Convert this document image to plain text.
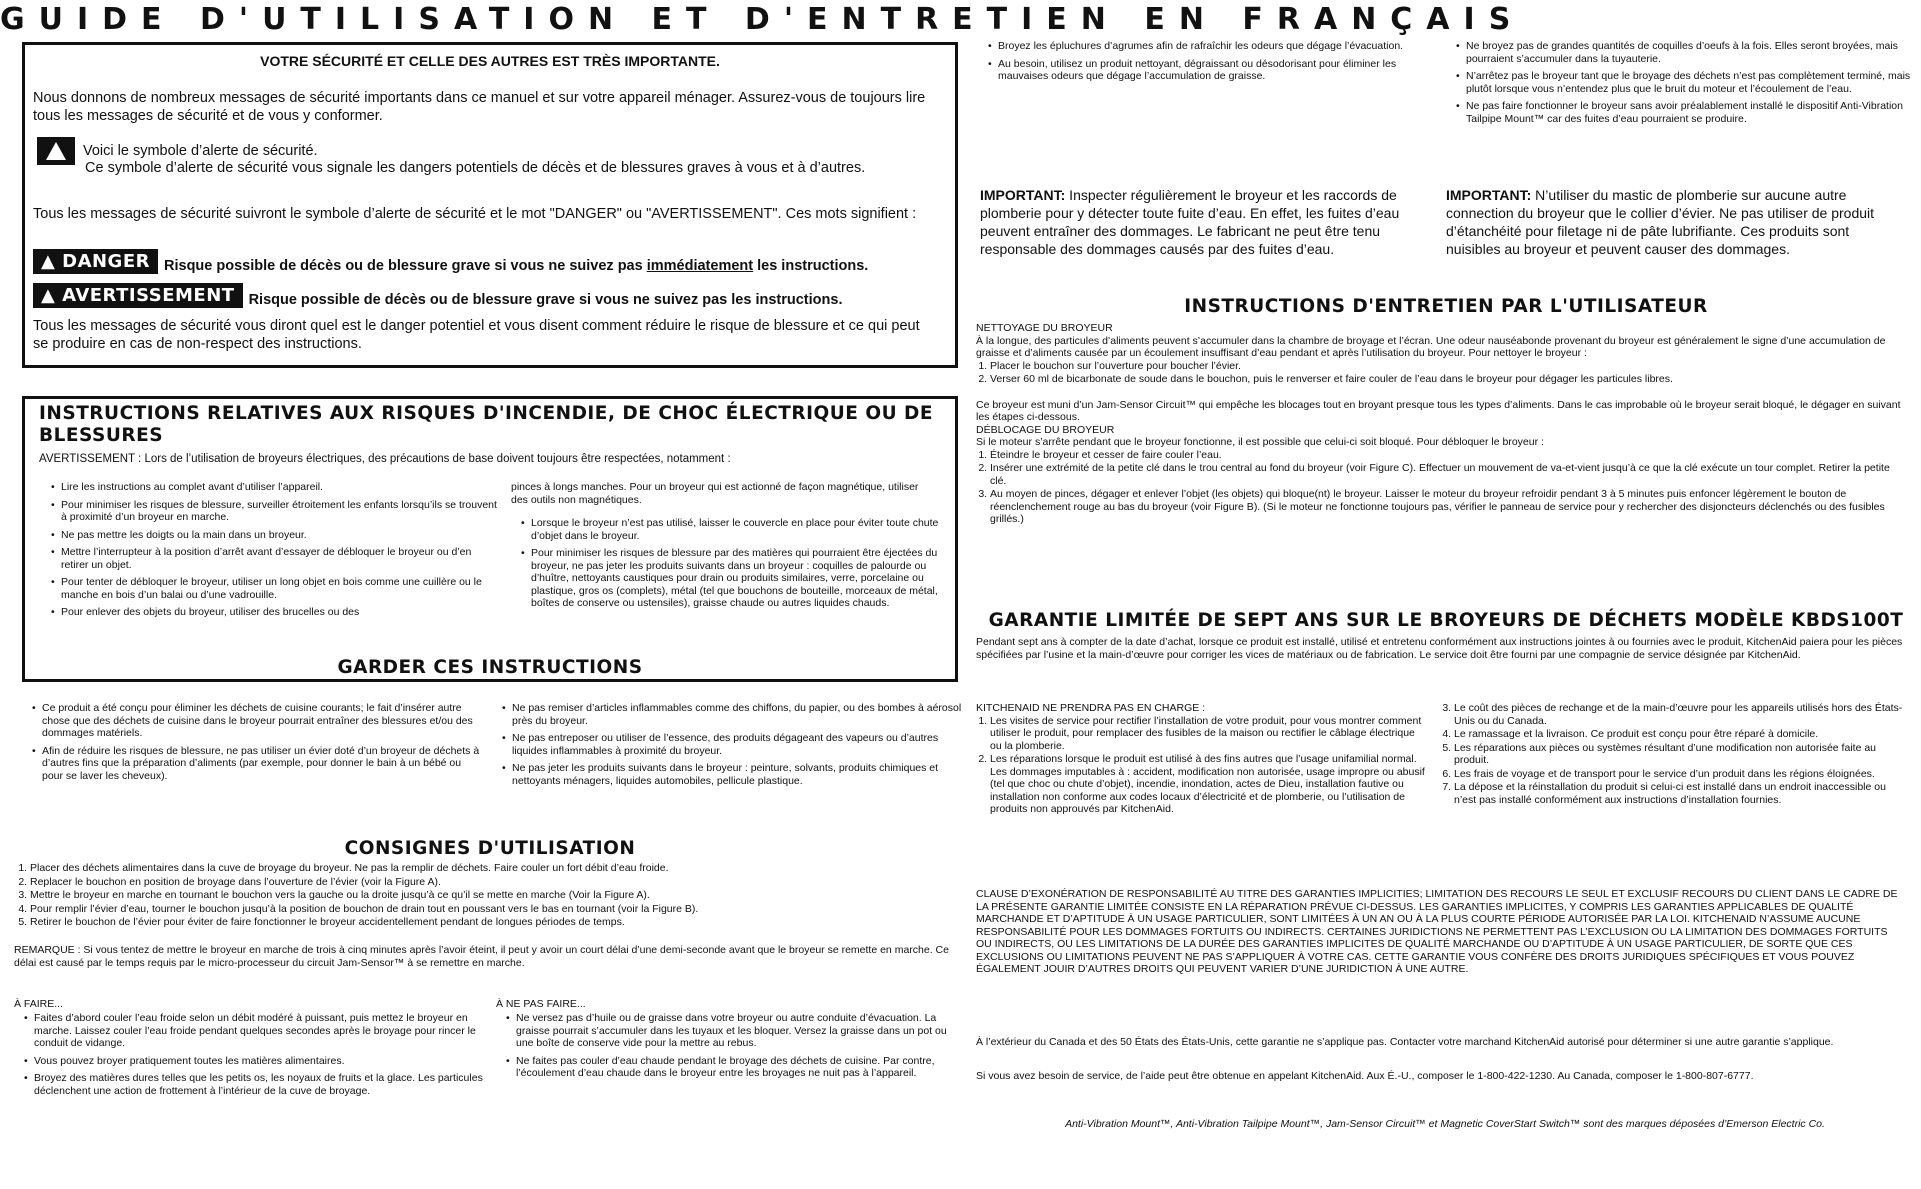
GUIDE D'UTILISATION ET D'ENTRETIEN EN FRANÇAIS
VOTRE SÉCURITÉ ET CELLE DES AUTRES EST TRÈS IMPORTANTE.
Nous donnons de nombreux messages de sécurité importants dans ce manuel et sur votre appareil ménager. Assurez-vous de toujours lire tous les messages de sécurité et de vous y conformer.
Voici le symbole d’alerte de sécurité.
Ce symbole d’alerte de sécurité vous signale les dangers potentiels de décès et de blessures graves à vous et à d’autres.
Tous les messages de sécurité suivront le symbole d’alerte de sécurité et le mot "DANGER" ou "AVERTISSEMENT". Ces mots signifient :
▲ DANGER Risque possible de décès ou de blessure grave si vous ne suivez pas immédiatement les instructions.
▲ AVERTISSEMENT Risque possible de décès ou de blessure grave si vous ne suivez pas les instructions.
Tous les messages de sécurité vous diront quel est le danger potentiel et vous disent comment réduire le risque de blessure et ce qui peut se produire en cas de non-respect des instructions.
INSTRUCTIONS RELATIVES AUX RISQUES D'INCENDIE, DE CHOC ÉLECTRIQUE OU DE BLESSURES
AVERTISSEMENT : Lors de l’utilisation de broyeurs électriques, des précautions de base doivent toujours être respectées, notamment :
• Lire les instructions au complet avant d’utiliser l’appareil.
• Pour minimiser les risques de blessure, surveiller étroitement les enfants lorsqu’ils se trouvent à proximité d’un broyeur en marche.
• Ne pas mettre les doigts ou la main dans un broyeur.
• Mettre l’interrupteur à la position d’arrêt avant d’essayer de débloquer le broyeur ou d’en retirer un objet.
• Pour tenter de débloquer le broyeur, utiliser un long objet en bois comme une cuillère ou le manche en bois d’un balai ou d’une vadrouille.
• Pour enlever des objets du broyeur, utiliser des brucelles ou des
pinces à longs manches. Pour un broyeur qui est actionné de façon magnétique, utiliser des outils non magnétiques.
• Lorsque le broyeur n’est pas utilisé, laisser le couvercle en place pour éviter toute chute d’objet dans le broyeur.
• Pour minimiser les risques de blessure par des matières qui pourraient être éjectées du broyeur, ne pas jeter les produits suivants dans un broyeur : coquilles de palourde ou d’huître, nettoyants caustiques pour drain ou produits similaires, verre, porcelaine ou plastique, gros os (complets), métal (tel que bouchons de bouteille, morceaux de métal, boîtes de conserve ou ustensiles), graisse chaude ou autres liquides chauds.
GARDER CES INSTRUCTIONS
• Ce produit a été conçu pour éliminer les déchets de cuisine courants; le fait d’insérer autre chose que des déchets de cuisine dans le broyeur pourrait entraîner des blessures et/ou des dommages matériels.
• Afin de réduire les risques de blessure, ne pas utiliser un évier doté d’un broyeur de déchets à d’autres fins que la préparation d’aliments (par exemple, pour donner le bain à un bébé ou pour se laver les cheveux).
• Ne pas remiser d’articles inflammables comme des chiffons, du papier, ou des bombes à aérosol près du broyeur.
• Ne pas entreposer ou utiliser de l’essence, des produits dégageant des vapeurs ou d’autres liquides inflammables à proximité du broyeur.
• Ne pas jeter les produits suivants dans le broyeur : peinture, solvants, produits chimiques et nettoyants ménagers, liquides automobiles, pellicule plastique.
CONSIGNES D'UTILISATION
1. Placer des déchets alimentaires dans la cuve de broyage du broyeur. Ne pas la remplir de déchets. Faire couler un fort débit d’eau froide.
2. Replacer le bouchon en position de broyage dans l’ouverture de l’évier (voir la Figure A).
3. Mettre le broyeur en marche en tournant le bouchon vers la gauche ou la droite jusqu’à ce qu’il se mette en marche (Voir la Figure A).
4. Pour remplir l’évier d’eau, tourner le bouchon jusqu’à la position de bouchon de drain tout en poussant vers le bas en tournant (voir la Figure B).
5. Retirer le bouchon de l’évier pour éviter de faire fonctionner le broyeur accidentellement pendant de longues périodes de temps.
REMARQUE : Si vous tentez de mettre le broyeur en marche de trois à cinq minutes après l’avoir éteint, il peut y avoir un court délai d’une demi-seconde avant que le broyeur se remette en marche. Ce délai est causé par le temps requis par le micro-processeur du circuit Jam-Sensor™ à se remettre en marche.
À FAIRE...
• Faites d’abord couler l’eau froide selon un débit modéré à puissant, puis mettez le broyeur en marche. Laissez couler l’eau froide pendant quelques secondes après le broyage pour rincer le conduit de vidange.
• Vous pouvez broyer pratiquement toutes les matières alimentaires.
• Broyez des matières dures telles que les petits os, les noyaux de fruits et la glace. Les particules déclenchent une action de frottement à l’intérieur de la cuve de broyage.
À NE PAS FAIRE...
• Ne versez pas d’huile ou de graisse dans votre broyeur ou autre conduite d’évacuation. La graisse pourrait s’accumuler dans les tuyaux et les bloquer. Versez la graisse dans un pot ou une boîte de conserve vide pour la mettre au rebus.
• Ne faites pas couler d’eau chaude pendant le broyage des déchets de cuisine. Par contre, l’écoulement d’eau chaude dans le broyeur entre les broyages ne nuit pas à l’appareil.
• Broyez les épluchures d’agrumes afin de rafraîchir les odeurs que dégage l’évacuation.
• Au besoin, utilisez un produit nettoyant, dégraissant ou désodorisant pour éliminer les mauvaises odeurs que dégage l’accumulation de graisse.
• Ne broyez pas de grandes quantités de coquilles d’oeufs à la fois. Elles seront broyées, mais pourraient s’accumuler dans la tuyauterie.
• N’arrêtez pas le broyeur tant que le broyage des déchets n’est pas complètement terminé, mais plutôt lorsque vous n’entendez plus que le bruit du moteur et l’écoulement de l’eau.
• Ne pas faire fonctionner le broyeur sans avoir préalablement installé le dispositif Anti-Vibration Tailpipe Mount™ car des fuites d’eau pourraient se produire.
IMPORTANT: Inspecter régulièrement le broyeur et les raccords de plomberie pour y détecter toute fuite d’eau. En effet, les fuites d’eau peuvent entraîner des dommages. Le fabricant ne peut être tenu responsable des dommages causés par des fuites d’eau.
IMPORTANT: N’utiliser du mastic de plomberie sur aucune autre connection du broyeur que le collier d’évier. Ne pas utiliser de produit d’étanchéité pour filetage ni de pâte lubrifiante. Ces produits sont nuisibles au broyeur et peuvent causer des dommages.
INSTRUCTIONS D'ENTRETIEN PAR L'UTILISATEUR
NETTOYAGE DU BROYEUR
À la longue, des particules d’aliments peuvent s’accumuler dans la chambre de broyage et l’écran. Une odeur nauséabonde provenant du broyeur est généralement le signe d’une accumulation de graisse et d’aliments causée par un écoulement insuffisant d’eau pendant et après l’utilisation du broyeur. Pour nettoyer le broyeur :
1. Placer le bouchon sur l’ouverture pour boucher l’évier.
2. Verser 60 ml de bicarbonate de soude dans le bouchon, puis le renverser et faire couler de l’eau dans le broyeur pour dégager les particules libres.
Ce broyeur est muni d’un Jam-Sensor Circuit™ qui empêche les blocages tout en broyant presque tous les types d’aliments. Dans le cas improbable où le broyeur serait bloqué, le dégager en suivant les étapes ci-dessous.
DÉBLOCAGE DU BROYEUR
Si le moteur s’arrête pendant que le broyeur fonctionne, il est possible que celui-ci soit bloqué. Pour débloquer le broyeur :
1. Éteindre le broyeur et cesser de faire couler l’eau.
2. Insérer une extrémité de la petite clé dans le trou central au fond du broyeur (voir Figure C). Effectuer un mouvement de va-et-vient jusqu’à ce que la clé exécute un tour complet. Retirer la petite clé.
3. Au moyen de pinces, dégager et enlever l’objet (les objets) qui bloque(nt) le broyeur. Laisser le moteur du broyeur refroidir pendant 3 à 5 minutes puis enfoncer légèrement le bouton de réenclenchement rouge au bas du broyeur (voir Figure B). (Si le moteur ne fonctionne toujours pas, vérifier le panneau de service pour y rechercher des disjoncteurs déclenchés ou des fusibles grillés.)
GARANTIE LIMITÉE DE SEPT ANS SUR LE BROYEURS DE DÉCHETS MODÈLE KBDS100T
Pendant sept ans à compter de la date d’achat, lorsque ce produit est installé, utilisé et entretenu conformément aux instructions jointes à ou fournies avec le produit, KitchenAid paiera pour les pièces spécifiées par l’usine et la main-d’œuvre pour corriger les vices de matériaux ou de fabrication. Le service doit être fourni par une compagnie de service désignée par KitchenAid.
KITCHENAID NE PRENDRA PAS EN CHARGE :
1. Les visites de service pour rectifier l’installation de votre produit, pour vous montrer comment utiliser le produit, pour remplacer des fusibles de la maison ou rectifier le câblage électrique ou la plomberie.
2. Les réparations lorsque le produit est utilisé à des fins autres que l’usage unifamilial normal. Les dommages imputables à : accident, modification non autorisée, usage impropre ou abusif (tel que choc ou chute d’objet), incendie, inondation, actes de Dieu, installation fautive ou installation non conforme aux codes locaux d’électricité et de plomberie, ou l’utilisation de produits non approuvés par KitchenAid.
3. Le coût des pièces de rechange et de la main-d’œuvre pour les appareils utilisés hors des États-Unis ou du Canada.
4. Le ramassage et la livraison. Ce produit est conçu pour être réparé à domicile.
5. Les réparations aux pièces ou systèmes résultant d’une modification non autorisée faite au produit.
6. Les frais de voyage et de transport pour le service d’un produit dans les régions éloignées.
7. La dépose et la réinstallation du produit si celui-ci est installé dans un endroit inaccessible ou n’est pas installé conformément aux instructions d’installation fournies.
CLAUSE D’EXONÉRATION DE RESPONSABILITÉ AU TITRE DES GARANTIES IMPLICITIES; LIMITATION DES RECOURS LE SEUL ET EXCLUSIF RECOURS DU CLIENT DANS LE CADRE DE LA PRÉSENTE GARANTIE LIMITÉE CONSISTE EN LA RÉPARATION PRÉVUE CI-DESSUS. LES GARANTIES IMPLICITES, Y COMPRIS LES GARANTIES APPLICABLES DE QUALITÉ MARCHANDE ET D’APTITUDE À UN USAGE PARTICULIER, SONT LIMITÉES À UN AN OU À LA PLUS COURTE PÉRIODE AUTORISÉE PAR LA LOI. KITCHENAID N’ASSUME AUCUNE RESPONSABILITÉ POUR LES DOMMAGES FORTUITS OU INDIRECTS. CERTAINES JURIDICTIONS NE PERMETTENT PAS L’EXCLUSION OU LA LIMITATION DES DOMMAGES FORTUITS OU INDIRECTS, OU LES LIMITATIONS DE LA DURÉE DES GARANTIES IMPLICITES DE QUALITÉ MARCHANDE OU D’APTITUDE À UN USAGE PARTICULIER, DE SORTE QUE CES EXCLUSIONS OU LIMITATIONS PEUVENT NE PAS S’APPLIQUER À VOTRE CAS. CETTE GARANTIE VOUS CONFÈRE DES DROITS JURIDIQUES SPÉCIFIQUES ET VOUS POUVEZ ÉGALEMENT JOUIR D’AUTRES DROITS QUI PEUVENT VARIER D’UNE JURIDICTION À UNE AUTRE.
À l’extérieur du Canada et des 50 États des États-Unis, cette garantie ne s’applique pas. Contacter votre marchand KitchenAid autorisé pour déterminer si une autre garantie s’applique.
Si vous avez besoin de service, de l’aide peut être obtenue en appelant KitchenAid. Aux É.-U., composer le 1-800-422-1230. Au Canada, composer le 1-800-807-6777.
Anti-Vibration Mount™, Anti-Vibration Tailpipe Mount™, Jam-Sensor Circuit™ et Magnetic CoverStart Switch™ sont des marques déposées d’Emerson Electric Co.
